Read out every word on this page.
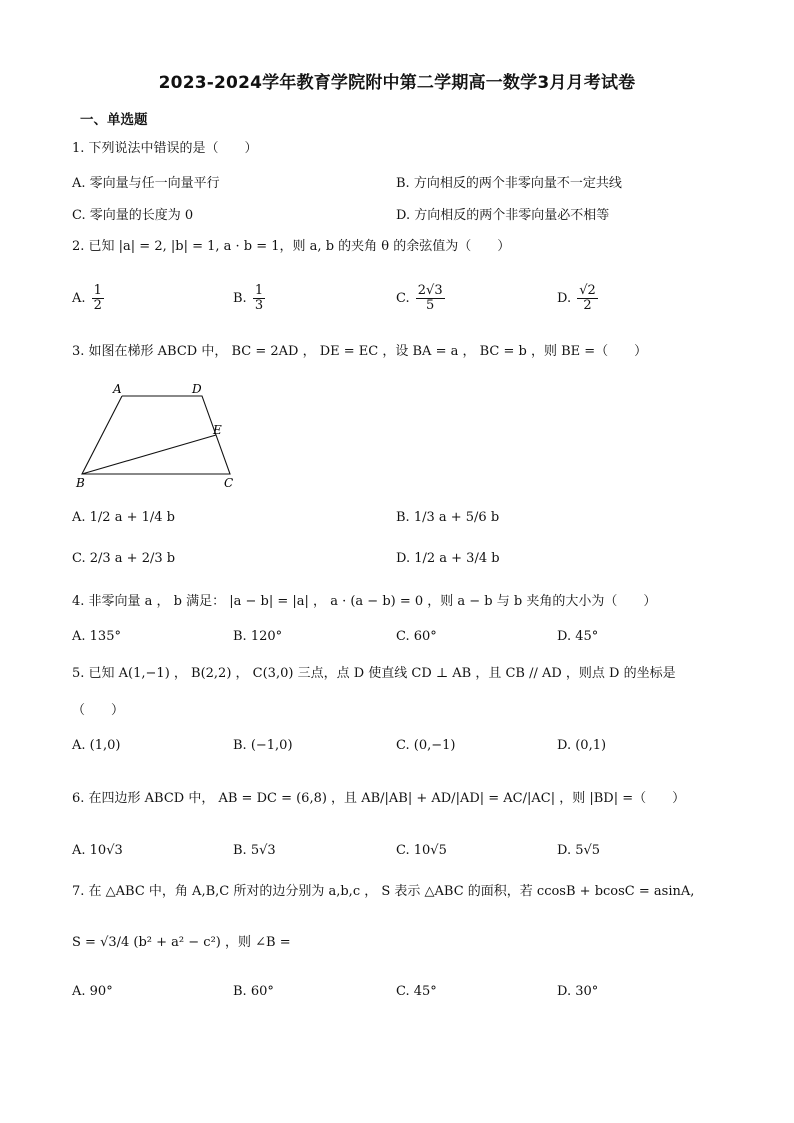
2023-2024学年教育学院附中第二学期高一数学3月月考试卷
一、单选题
1. 下列说法中错误的是（　　）
A. 零向量与任一向量平行	B. 方向相反的两个非零向量不一定共线
C. 零向量的长度为 0	D. 方向相反的两个非零向量必不相等
2. 已知 |a| = 2, |b| = 1, a · b = 1，则 a, b 的夹角 θ 的余弦值为（　　）
A. $\frac{1}{2}$	B. $\frac{1}{3}$	C. $\frac{2√3}{5}$	D. $\frac{√2}{2}$
3. 如图在梯形 ABCD 中， BC = 2AD ， DE = EC ，设 BA = a ， BC = b ，则 BE =（　　）
A	D
E
B	C
A. 1/2 a + 1/4 b	B. 1/3 a + 5/6 b
C. 2/3 a + 2/3 b	D. 1/2 a + 3/4 b
4. 非零向量 a ， b 满足： |a − b| = |a| ， a · (a − b) = 0 ，则 a − b 与 b 夹角的大小为（　　）
A. 135°	B. 120°	C. 60°	D. 45°
5. 已知 A(1,−1) ， B(2,2) ， C(3,0) 三点，点 D 使直线 CD ⊥ AB ，且 CB // AD ，则点 D 的坐标是
（　　）
A. (1,0)	B. (−1,0)	C. (0,−1)	D. (0,1)
6. 在四边形 ABCD 中， AB = DC = (6,8) ，且 AB/|AB| + AD/|AD| = AC/|AC| ，则 |BD| =（　　）
A. 10√3	B. 5√3	C. 10√5	D. 5√5
7. 在 △ABC 中，角 A,B,C 所对的边分别为 a,b,c ， S 表示 △ABC 的面积，若 ccosB + bcosC = asinA,
S = √3/4 (b² + a² − c²) ，则 ∠B =
A. 90°	B. 60°	C. 45°	D. 30°
